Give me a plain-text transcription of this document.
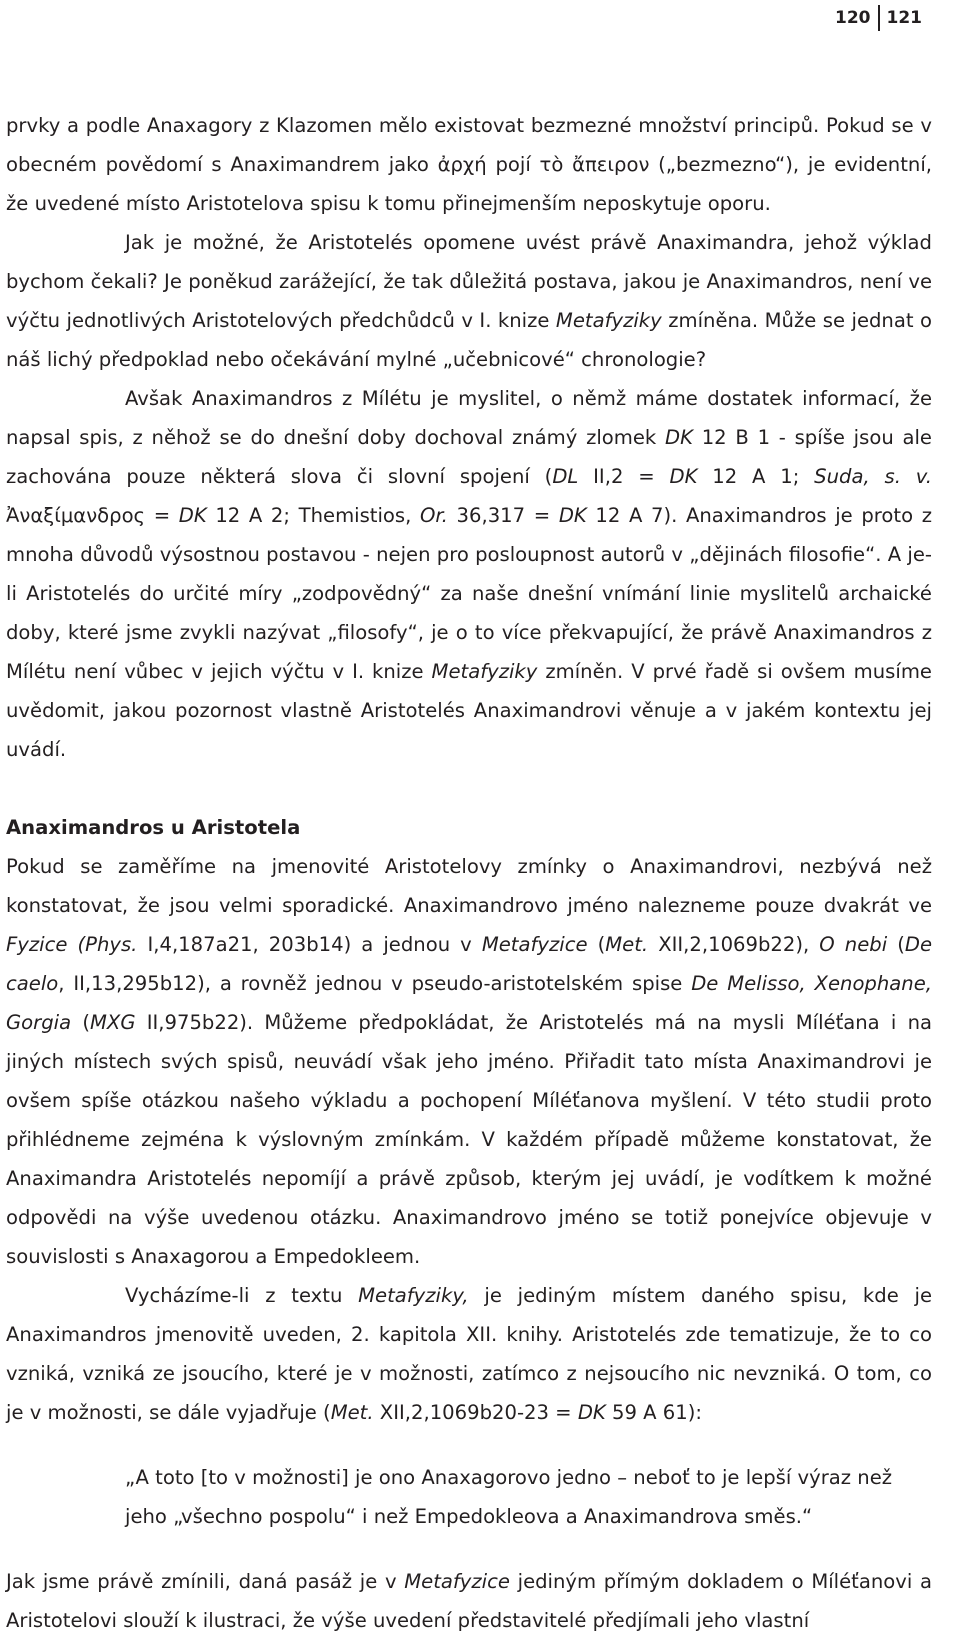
120 121

prvky a podle Anaxagory z Klazomen mělo existovat bezmezné množství principů. Pokud se v obecném povědomí s Anaximandrem jako ἀρχή pojí τὸ ἄπειρον („bezmezno“), je evidentní, že uvedené místo Aristotelova spisu k tomu přinejmenším neposkytuje oporu.

Jak je možné, že Aristotelés opomene uvést právě Anaximandra, jehož výklad bychom čekali? Je poněkud zarážející, že tak důležitá postava, jakou je Anaximandros, není ve výčtu jednotlivých Aristotelových předchůdců v I. knize Metafyziky zmíněna. Může se jednat o náš lichý předpoklad nebo očekávání mylné „učebnicové“ chronologie?

Avšak Anaximandros z Mílétu je myslitel, o němž máme dostatek informací, že napsal spis, z něhož se do dnešní doby dochoval známý zlomek DK 12 B 1 - spíše jsou ale zachována pouze některá slova či slovní spojení (DL II,2 = DK 12 A 1; Suda, s. v. Ἀναξίμανδρος = DK 12 A 2; Themistios, Or. 36,317 = DK 12 A 7). Anaximandros je proto z mnoha důvodů výsostnou postavou - nejen pro posloupnost autorů v „dějinách filosofie“. A je-li Aristotelés do určité míry „zodpovědný“ za naše dnešní vnímání linie myslitelů archaické doby, které jsme zvykli nazývat „filosofy“, je o to více překvapující, že právě Anaximandros z Mílétu není vůbec v jejich výčtu v I. knize Metafyziky zmíněn. V prvé řadě si ovšem musíme uvědomit, jakou pozornost vlastně Aristotelés Anaximandrovi věnuje a v jakém kontextu jej uvádí.

Anaximandros u Aristotela

Pokud se zaměříme na jmenovité Aristotelovy zmínky o Anaximandrovi, nezbývá než konstatovat, že jsou velmi sporadické. Anaximandrovo jméno nalezneme pouze dvakrát ve Fyzice (Phys. I,4,187a21, 203b14) a jednou v Metafyzice (Met. XII,2,1069b22), O nebi (De caelo, II,13,295b12), a rovněž jednou v pseudo-aristotelském spise De Melisso, Xenophane, Gorgia (MXG II,975b22). Můžeme předpokládat, že Aristotelés má na mysli Míléťana i na jiných místech svých spisů, neuvádí však jeho jméno. Přiřadit tato místa Anaximandrovi je ovšem spíše otázkou našeho výkladu a pochopení Míléťanova myšlení. V této studii proto přihlédneme zejména k výslovným zmínkám. V každém případě můžeme konstatovat, že Anaximandra Aristotelés nepomíjí a právě způsob, kterým jej uvádí, je vodítkem k možné odpovědi na výše uvedenou otázku. Anaximandrovo jméno se totiž ponejvíce objevuje v souvislosti s Anaxagorou a Empedokleem.

Vycházíme-li z textu Metafyziky, je jediným místem daného spisu, kde je Anaximandros jmenovitě uveden, 2. kapitola XII. knihy. Aristotelés zde tematizuje, že to co vzniká, vzniká ze jsoucího, které je v možnosti, zatímco z nejsoucího nic nevzniká. O tom, co je v možnosti, se dále vyjadřuje (Met. XII,2,1069b20-23 = DK 59 A 61):

„A toto [to v možnosti] je ono Anaxagorovo jedno – neboť to je lepší výraz než jeho „všechno pospolu“ i než Empedokleova a Anaximandrova směs.“

Jak jsme právě zmínili, daná pasáž je v Metafyzice jediným přímým dokladem o Míléťanovi a Aristotelovi slouží k ilustraci, že výše uvedení představitelé předjímali jeho vlastní
